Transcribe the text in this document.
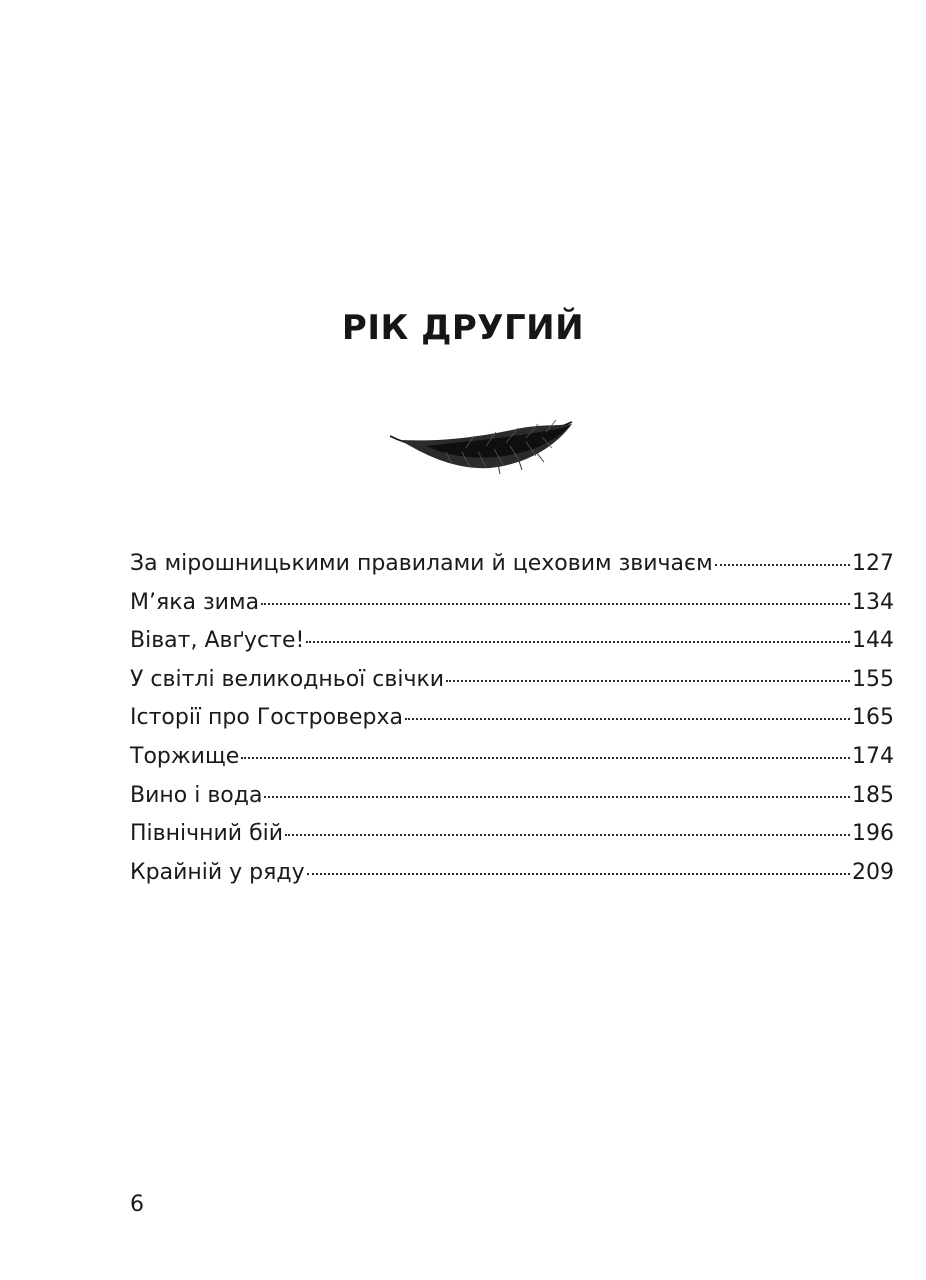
РІК ДРУГИЙ
За мірошницькими правилами й цеховим звичаєм	127
М’яка зима	134
Віват, Авґусте!	144
У світлі великодньої свічки	155
Історії про Гостроверха	165
Торжище	174
Вино і вода	185
Північний бій	196
Крайній у ряду	209
6
